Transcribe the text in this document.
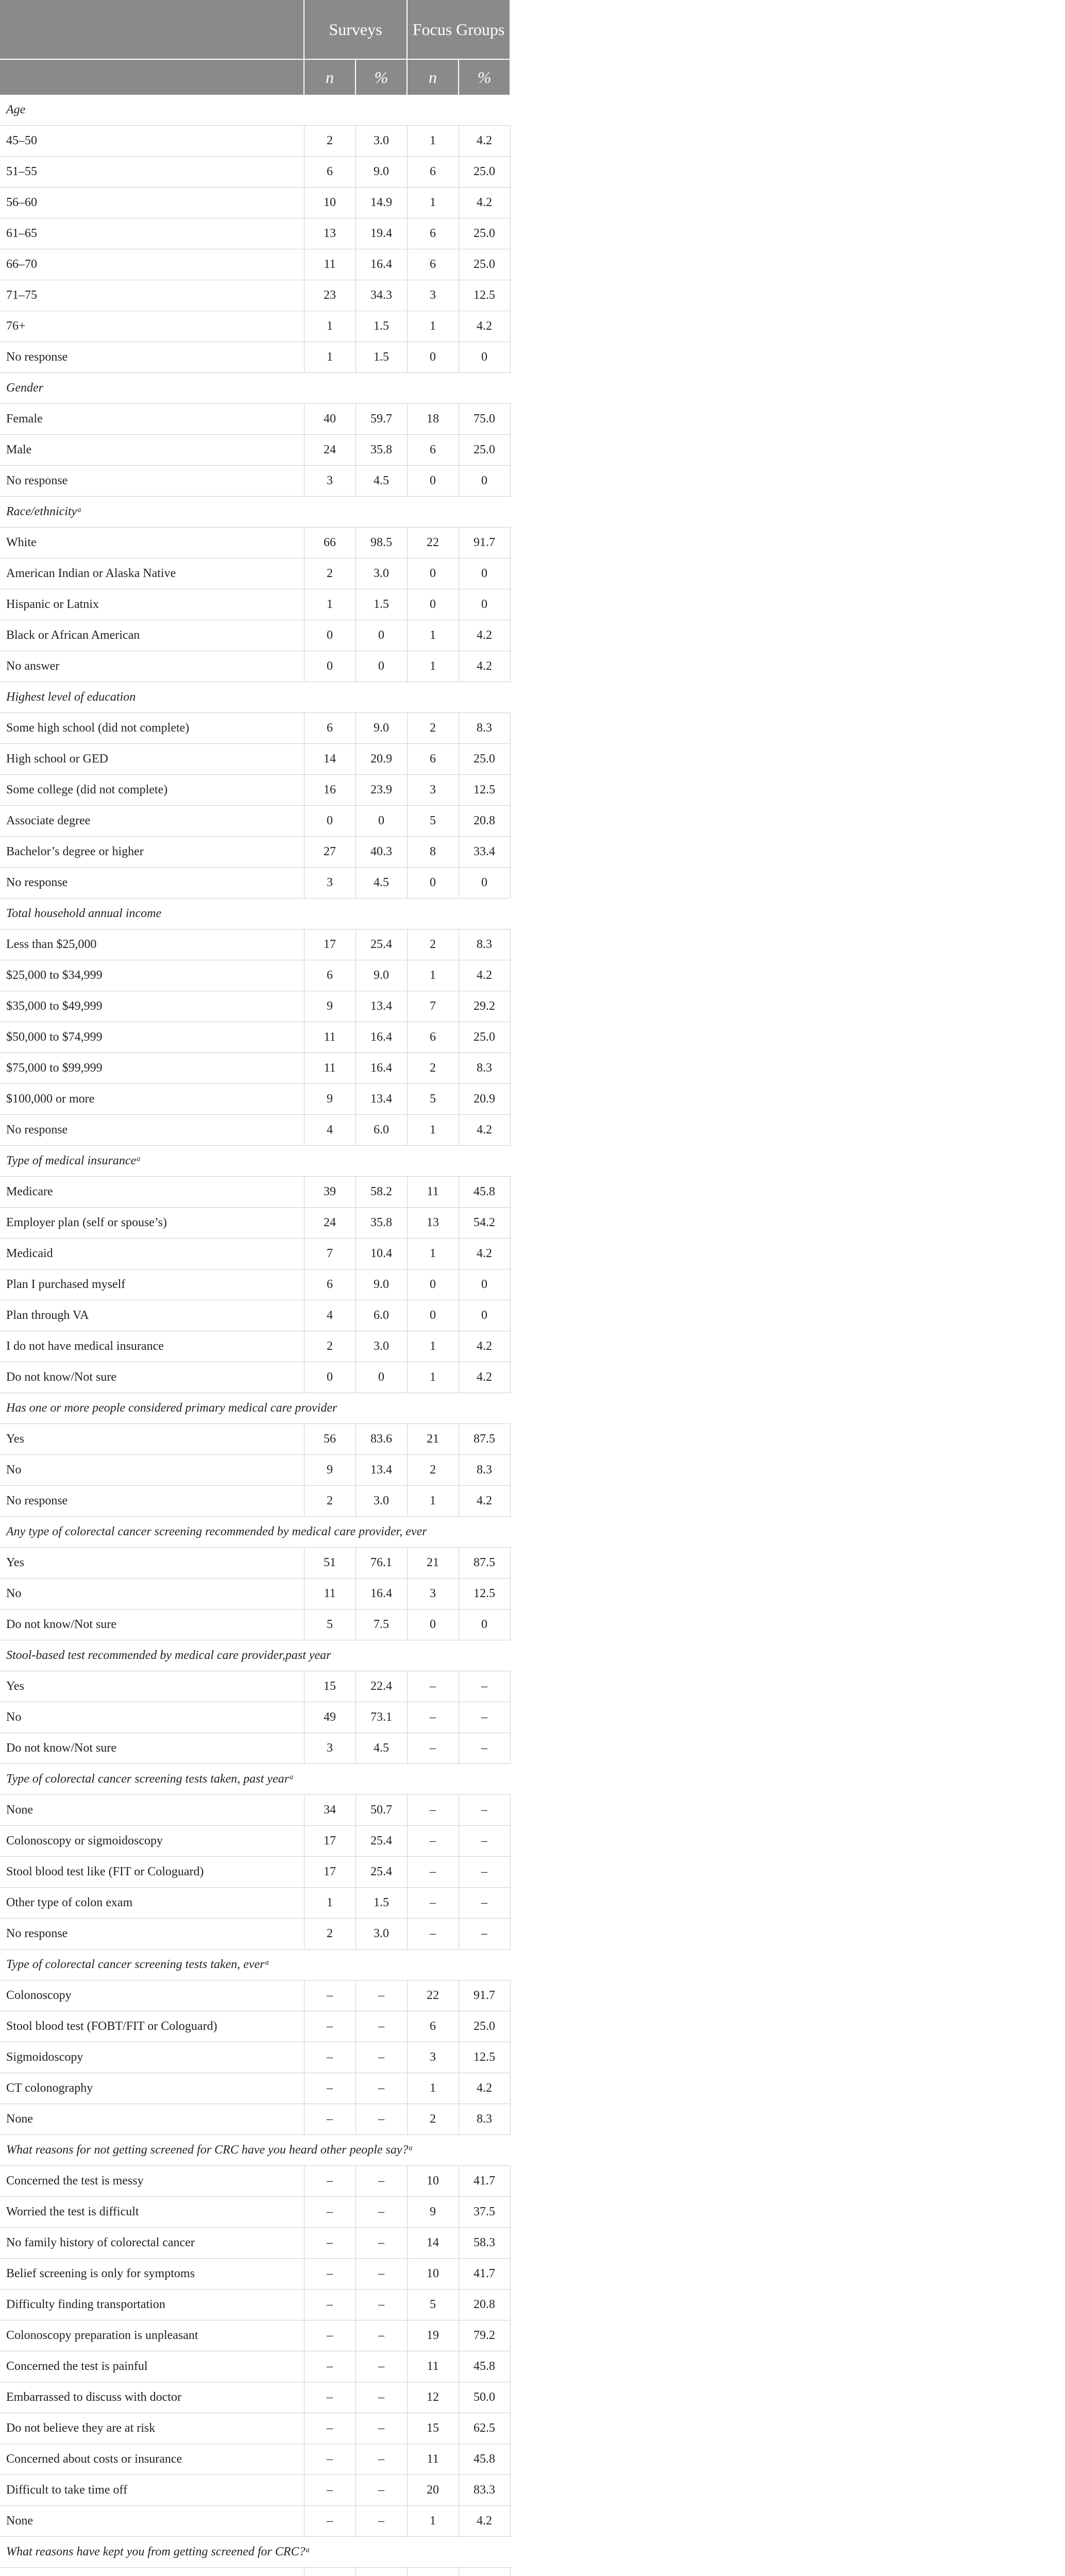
	Surveys		Focus Groups	
	n	%	n	%
Age				
45–50	2	3.0	1	4.2
51–55	6	9.0	6	25.0
56–60	10	14.9	1	4.2
61–65	13	19.4	6	25.0
66–70	11	16.4	6	25.0
71–75	23	34.3	3	12.5
76+	1	1.5	1	4.2
No response	1	1.5	0	0
Gender				
Female	40	59.7	18	75.0
Male	24	35.8	6	25.0
No response	3	4.5	0	0
Race/ethnicityᵃ				
White	66	98.5	22	91.7
American Indian or Alaska Native	2	3.0	0	0
Hispanic or Latnix	1	1.5	0	0
Black or African American	0	0	1	4.2
No answer	0	0	1	4.2
Highest level of education				
Some high school (did not complete)	6	9.0	2	8.3
High school or GED	14	20.9	6	25.0
Some college (did not complete)	16	23.9	3	12.5
Associate degree	0	0	5	20.8
Bachelor’s degree or higher	27	40.3	8	33.4
No response	3	4.5	0	0
Total household annual income				
Less than $25,000	17	25.4	2	8.3
$25,000 to $34,999	6	9.0	1	4.2
$35,000 to $49,999	9	13.4	7	29.2
$50,000 to $74,999	11	16.4	6	25.0
$75,000 to $99,999	11	16.4	2	8.3
$100,000 or more	9	13.4	5	20.9
No response	4	6.0	1	4.2
Type of medical insuranceᵃ				
Medicare	39	58.2	11	45.8
Employer plan (self or spouse’s)	24	35.8	13	54.2
Medicaid	7	10.4	1	4.2
Plan I purchased myself	6	9.0	0	0
Plan through VA	4	6.0	0	0
I do not have medical insurance	2	3.0	1	4.2
Do not know/Not sure	0	0	1	4.2
Has one or more people considered primary medical care provider				
Yes	56	83.6	21	87.5
No	9	13.4	2	8.3
No response	2	3.0	1	4.2
Any type of colorectal cancer screening recommended by medical care provider, ever				
Yes	51	76.1	21	87.5
No	11	16.4	3	12.5
Do not know/Not sure	5	7.5	0	0
Stool-based test recommended by medical care provider,past year				
Yes	15	22.4	–	–
No	49	73.1	–	–
Do not know/Not sure	3	4.5	–	–
Type of colorectal cancer screening tests taken, past yearᵃ				
None	34	50.7	–	–
Colonoscopy or sigmoidoscopy	17	25.4	–	–
Stool blood test like (FIT or Cologuard)	17	25.4	–	–
Other type of colon exam	1	1.5	–	–
No response	2	3.0	–	–
Type of colorectal cancer screening tests taken, everᵃ				
Colonoscopy	–	–	22	91.7
Stool blood test (FOBT/FIT or Cologuard)	–	–	6	25.0
Sigmoidoscopy	–	–	3	12.5
CT colonography	–	–	1	4.2
None	–	–	2	8.3
What reasons for not getting screened for CRC have you heard other people say?ᵃ				
Concerned the test is messy	–	–	10	41.7
Worried the test is difficult	–	–	9	37.5
No family history of colorectal cancer	–	–	14	58.3
Belief screening is only for symptoms	–	–	10	41.7
Difficulty finding transportation	–	–	5	20.8
Colonoscopy preparation is unpleasant	–	–	19	79.2
Concerned the test is painful	–	–	11	45.8
Embarrassed to discuss with doctor	–	–	12	50.0
Do not believe they are at risk	–	–	15	62.5
Concerned about costs or insurance	–	–	11	45.8
Difficult to take time off	–	–	20	83.3
None	–	–	1	4.2
What reasons have kept you from getting screened for CRC?ᵃ				
